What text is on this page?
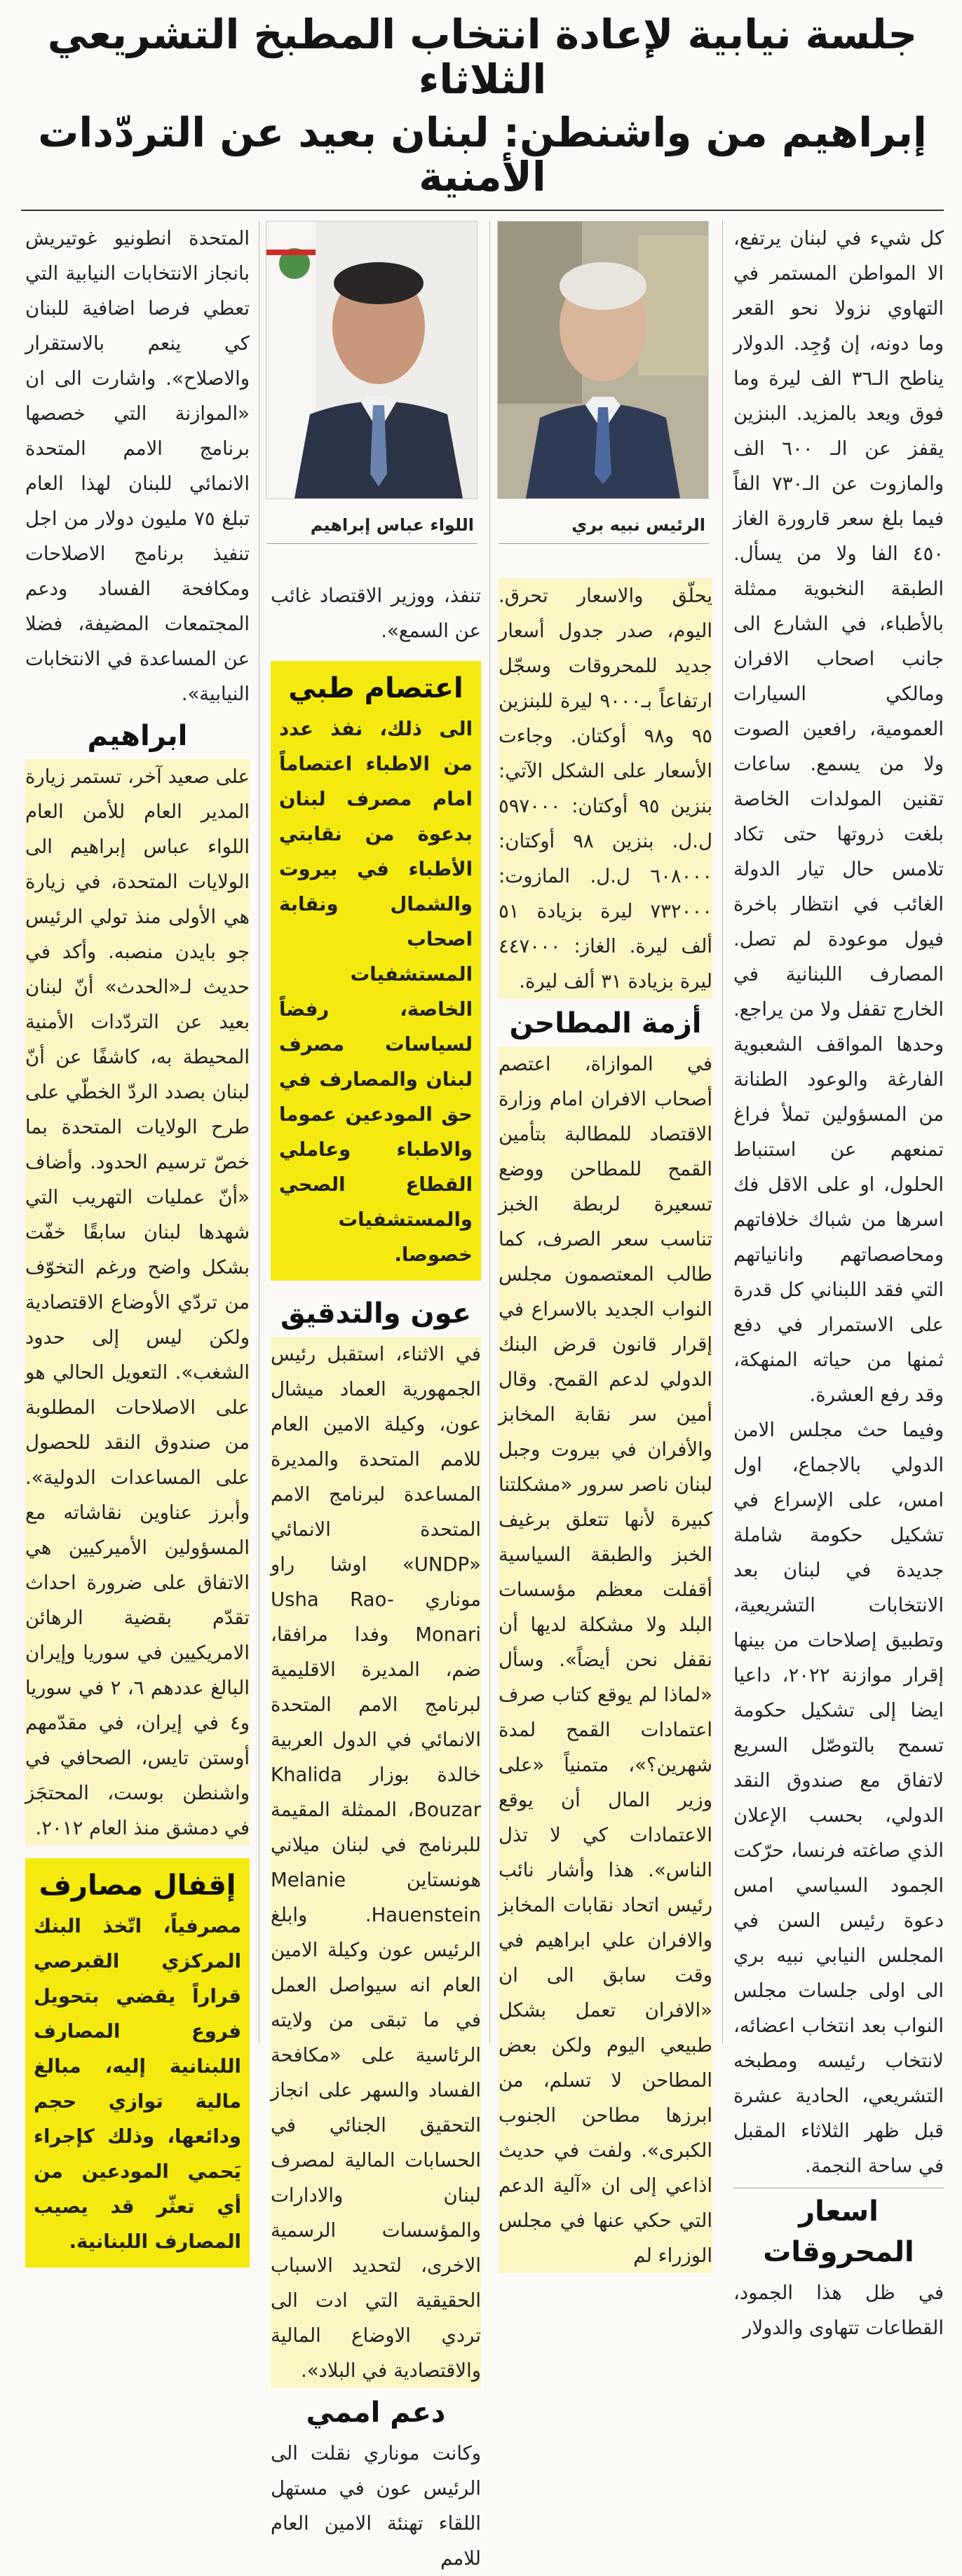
جلسة نيابية لإعادة انتخاب المطبخ التشريعي الثلاثاء
إبراهيم من واشنطن: لبنان بعيد عن التردّدات الأمنية
الرئيس نبيه بري
اللواء عباس إبراهيم

كل شيء في لبنان يرتفع، الا المواطن المستمر في التهاوي نزولا نحو القعر وما دونه، إن وُجِد. الدولار يناطح الـ٣٦ الف ليرة وما فوق ويعد بالمزيد. البنزين يقفز عن الـ ٦٠٠ الف والمازوت عن الـ٧٣٠ الفاً فيما بلغ سعر قارورة الغاز ٤٥٠ الفا ولا من يسأل. الطبقة النخبوية ممثلة بالأطباء، في الشارع الى جانب اصحاب الافران ومالكي السيارات العمومية، رافعين الصوت ولا من يسمع. ساعات تقنين المولدات الخاصة بلغت ذروتها حتى تكاد تلامس حال تيار الدولة الغائب في انتظار باخرة فيول موعودة لم تصل. المصارف اللبنانية في الخارج تقفل ولا من يراجع. وحدها المواقف الشعبوية الفارغة والوعود الطنانة من المسؤولين تملأ فراغ تمنعهم عن استنباط الحلول، او على الاقل فك اسرها من شباك خلافاتهم ومحاصصاتهم وانانياتهم التي فقد اللبناني كل قدرة على الاستمرار في دفع ثمنها من حياته المنهكة، وقد رفع العشرة.

وفيما حث مجلس الامن الدولي بالاجماع، اول امس، على الإسراع في تشكيل حكومة شاملة جديدة في لبنان بعد الانتخابات التشريعية، وتطبيق إصلاحات من بينها إقرار موازنة ٢٠٢٢، داعيا ايضا إلى تشكيل حكومة تسمح بالتوصّل السريع لاتفاق مع صندوق النقد الدولي، بحسب الإعلان الذي صاغته فرنسا، حرّكت الجمود السياسي امس دعوة رئيس السن في المجلس النيابي نبيه بري الى اولى جلسات مجلس النواب بعد انتخاب اعضائه، لانتخاب رئيسه ومطبخه التشريعي، الحادية عشرة قبل ظهر الثلاثاء المقبل في ساحة النجمة.

اسعار المحروقات

في ظل هذا الجمود، القطاعات تتهاوى والدولار

يحلّق والاسعار تحرق. اليوم، صدر جدول أسعار جديد للمحروقات وسجّل ارتفاعاً بـ٩٠٠٠ ليرة للبنزين ٩٥ و٩٨ أوكتان. وجاءت الأسعار على الشكل الآتي: بنزين ٩٥ أوكتان: ٥٩٧٠٠٠ ل.ل. بنزين ٩٨ أوكتان: ٦٠٨٠٠٠ ل.ل. المازوت: ٧٣٢٠٠٠ ليرة بزيادة ٥١ ألف ليرة. الغاز: ٤٤٧٠٠٠ ليرة بزيادة ٣١ ألف ليرة.

أزمة المطاحن

في الموازاة، اعتصم أصحاب الافران امام وزارة الاقتصاد للمطالبة بتأمين القمح للمطاحن ووضع تسعيرة لربطة الخبز تناسب سعر الصرف، كما طالب المعتصمون مجلس النواب الجديد بالاسراع في إقرار قانون قرض البنك الدولي لدعم القمح. وقال أمين سر نقابة المخابز والأفران في بيروت وجبل لبنان ناصر سرور «مشكلتنا كبيرة لأنها تتعلق برغيف الخبز والطبقة السياسية أقفلت معظم مؤسسات البلد ولا مشكلة لديها أن نقفل نحن أيضاً». وسأل «لماذا لم يوقع كتاب صرف اعتمادات القمح لمدة شهرين؟»، متمنياً «على وزير المال أن يوقع الاعتمادات كي لا تذل الناس». هذا وأشار نائب رئيس اتحاد نقابات المخابز والافران علي ابراهيم في وقت سابق الى ان «الافران تعمل بشكل طبيعي اليوم ولكن بعض المطاحن لا تسلم، من ابرزها مطاحن الجنوب الكبرى». ولفت في حديث اذاعي إلى ان «آلية الدعم التي حكي عنها في مجلس الوزراء لم

تنفذ، ووزير الاقتصاد غائب عن السمع».

اعتصام طبي

الى ذلك، نفذ عدد من الاطباء اعتصاماً امام مصرف لبنان بدعوة من نقابتي الأطباء في بيروت والشمال ونقابة اصحاب المستشفيات الخاصة، رفضاً لسياسات مصرف لبنان والمصارف في حق المودعين عموما والاطباء وعاملي القطاع الصحي والمستشفيات خصوصا.

عون والتدقيق

في الاثناء، استقبل رئيس الجمهورية العماد ميشال عون، وكيلة الامين العام للامم المتحدة والمديرة المساعدة لبرنامج الامم المتحدة الانمائي «UNDP» اوشا راو موناري Usha Rao-Monari وفدا مرافقا، ضم، المديرة الاقليمية لبرنامج الامم المتحدة الانمائي في الدول العربية خالدة بوزار Khalida Bouzar، الممثلة المقيمة للبرنامج في لبنان ميلاني هونستاين Melanie Hauenstein. وابلغ الرئيس عون وكيلة الامين العام انه سيواصل العمل في ما تبقى من ولايته الرئاسية على «مكافحة الفساد والسهر على انجاز التحقيق الجنائي في الحسابات المالية لمصرف لبنان والادارات والمؤسسات الرسمية الاخرى، لتحديد الاسباب الحقيقية التي ادت الى تردي الاوضاع المالية والاقتصادية في البلاد».

دعم اممي

وكانت موناري نقلت الى الرئيس عون في مستهل اللقاء تهنئة الامين العام للامم

المتحدة انطونيو غوتيريش بانجاز الانتخابات النيابية التي تعطي فرصا اضافية للبنان كي ينعم بالاستقرار والاصلاح». واشارت الى ان «الموازنة التي خصصها برنامج الامم المتحدة الانمائي للبنان لهذا العام تبلغ ٧٥ مليون دولار من اجل تنفيذ برنامج الاصلاحات ومكافحة الفساد ودعم المجتمعات المضيفة، فضلا عن المساعدة في الانتخابات النيابية».

ابراهيم

على صعيد آخر، تستمر زيارة المدير العام للأمن العام اللواء عباس إبراهيم الى الولايات المتحدة، في زيارة هي الأولى منذ تولي الرئيس جو بايدن منصبه. وأكد في حديث لـ«الحدث» أنّ لبنان بعيد عن التردّدات الأمنية المحيطة به، كاشفًا عن أنّ لبنان بصدد الردّ الخطّي على طرح الولايات المتحدة بما خصّ ترسيم الحدود. وأضاف «أنّ عمليات التهريب التي شهدها لبنان سابقًا خفّت بشكل واضح ورغم التخوّف من تردّي الأوضاع الاقتصادية ولكن ليس إلى حدود الشغب». التعويل الحالي هو على الاصلاحات المطلوبة من صندوق النقد للحصول على المساعدات الدولية». وأبرز عناوين نقاشاته مع المسؤولين الأميركيين هي الاتفاق على ضرورة احداث تقدّم بقضية الرهائن الامريكيين في سوريا وإيران البالغ عددهم ٦، ٢ في سوريا و٤ في إيران، في مقدّمهم أوستن تايس، الصحافي في واشنطن بوست، المحتجَز في دمشق منذ العام ٢٠١٢.

إقفال مصارف

مصرفياً، اتّخذ البنك المركزي القبرصي قراراً يقضي بتحويل فروع المصارف اللبنانية إليه، مبالغ مالية توازي حجم ودائعها، وذلك كإجراء يَحمي المودعين من أي تعثّر قد يصيب المصارف اللبنانية.
